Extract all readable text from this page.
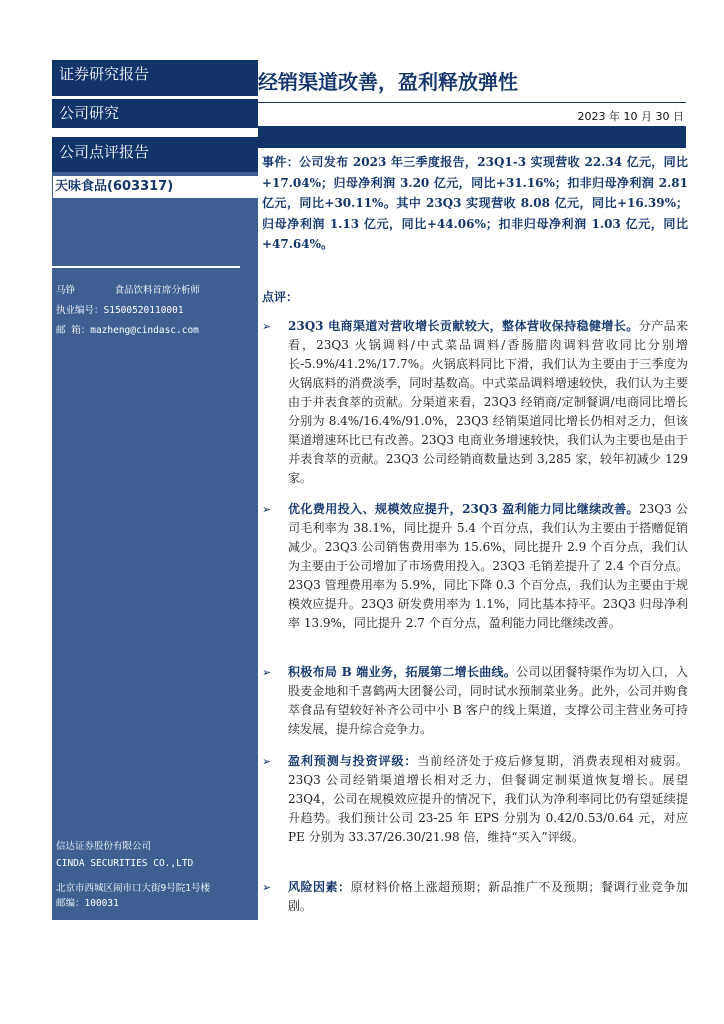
证券研究报告
公司研究
公司点评报告
天味食品(603317)
马铮	食品饮料首席分析师
执业编号：S1500520110001
邮 箱：mazheng@cindasc.com
信达证券股份有限公司
CINDA SECURITIES CO.,LTD
北京市西城区闹市口大街9号院1号楼
邮编：100031
经销渠道改善，盈利释放弹性
2023 年 10 月 30 日
事件：公司发布 2023 年三季度报告，23Q1-3 实现营收 22.34 亿元，同比+17.04%；归母净利润 3.20 亿元，同比+31.16%；扣非归母净利润 2.81 亿元，同比+30.11%。其中 23Q3 实现营收 8.08 亿元，同比+16.39%；归母净利润 1.13 亿元，同比+44.06%；扣非归母净利润 1.03 亿元，同比+47.64%。
点评：
➢ 23Q3 电商渠道对营收增长贡献较大，整体营收保持稳健增长。分产品来看，23Q3 火锅调料/中式菜品调料/香肠腊肉调料营收同比分别增长-5.9%/41.2%/17.7%。火锅底料同比下滑，我们认为主要由于三季度为火锅底料的消费淡季，同时基数高。中式菜品调料增速较快，我们认为主要由于并表食萃的贡献。分渠道来看，23Q3 经销商/定制餐调/电商同比增长分别为 8.4%/16.4%/91.0%，23Q3 经销渠道同比增长仍相对乏力，但该渠道增速环比已有改善。23Q3 电商业务增速较快，我们认为主要也是由于并表食萃的贡献。23Q3 公司经销商数量达到 3,285 家，较年初减少 129 家。
➢ 优化费用投入、规模效应提升，23Q3 盈利能力同比继续改善。23Q3 公司毛利率为 38.1%，同比提升 5.4 个百分点，我们认为主要由于搭赠促销减少。23Q3 公司销售费用率为 15.6%，同比提升 2.9 个百分点，我们认为主要由于公司增加了市场费用投入。23Q3 毛销差提升了 2.4 个百分点。23Q3 管理费用率为 5.9%，同比下降 0.3 个百分点，我们认为主要由于规模效应提升。23Q3 研发费用率为 1.1%，同比基本持平。23Q3 归母净利率 13.9%，同比提升 2.7 个百分点，盈利能力同比继续改善。
➢ 积极布局 B 端业务，拓展第二增长曲线。公司以团餐特渠作为切入口，入股麦金地和千喜鹤两大团餐公司，同时试水预制菜业务。此外，公司并购食萃食品有望较好补齐公司中小 B 客户的线上渠道，支撑公司主营业务可持续发展，提升综合竞争力。
➢ 盈利预测与投资评级：当前经济处于疫后修复期，消费表现相对疲弱。23Q3 公司经销渠道增长相对乏力，但餐调定制渠道恢复增长。展望 23Q4，公司在规模效应提升的情况下，我们认为净利率同比仍有望延续提升趋势。我们预计公司 23-25 年 EPS 分别为 0.42/0.53/0.64 元，对应 PE 分别为 33.37/26.30/21.98 倍，维持“买入”评级。
➢ 风险因素：原材料价格上涨超预期；新品推广不及预期；餐调行业竞争加剧。
